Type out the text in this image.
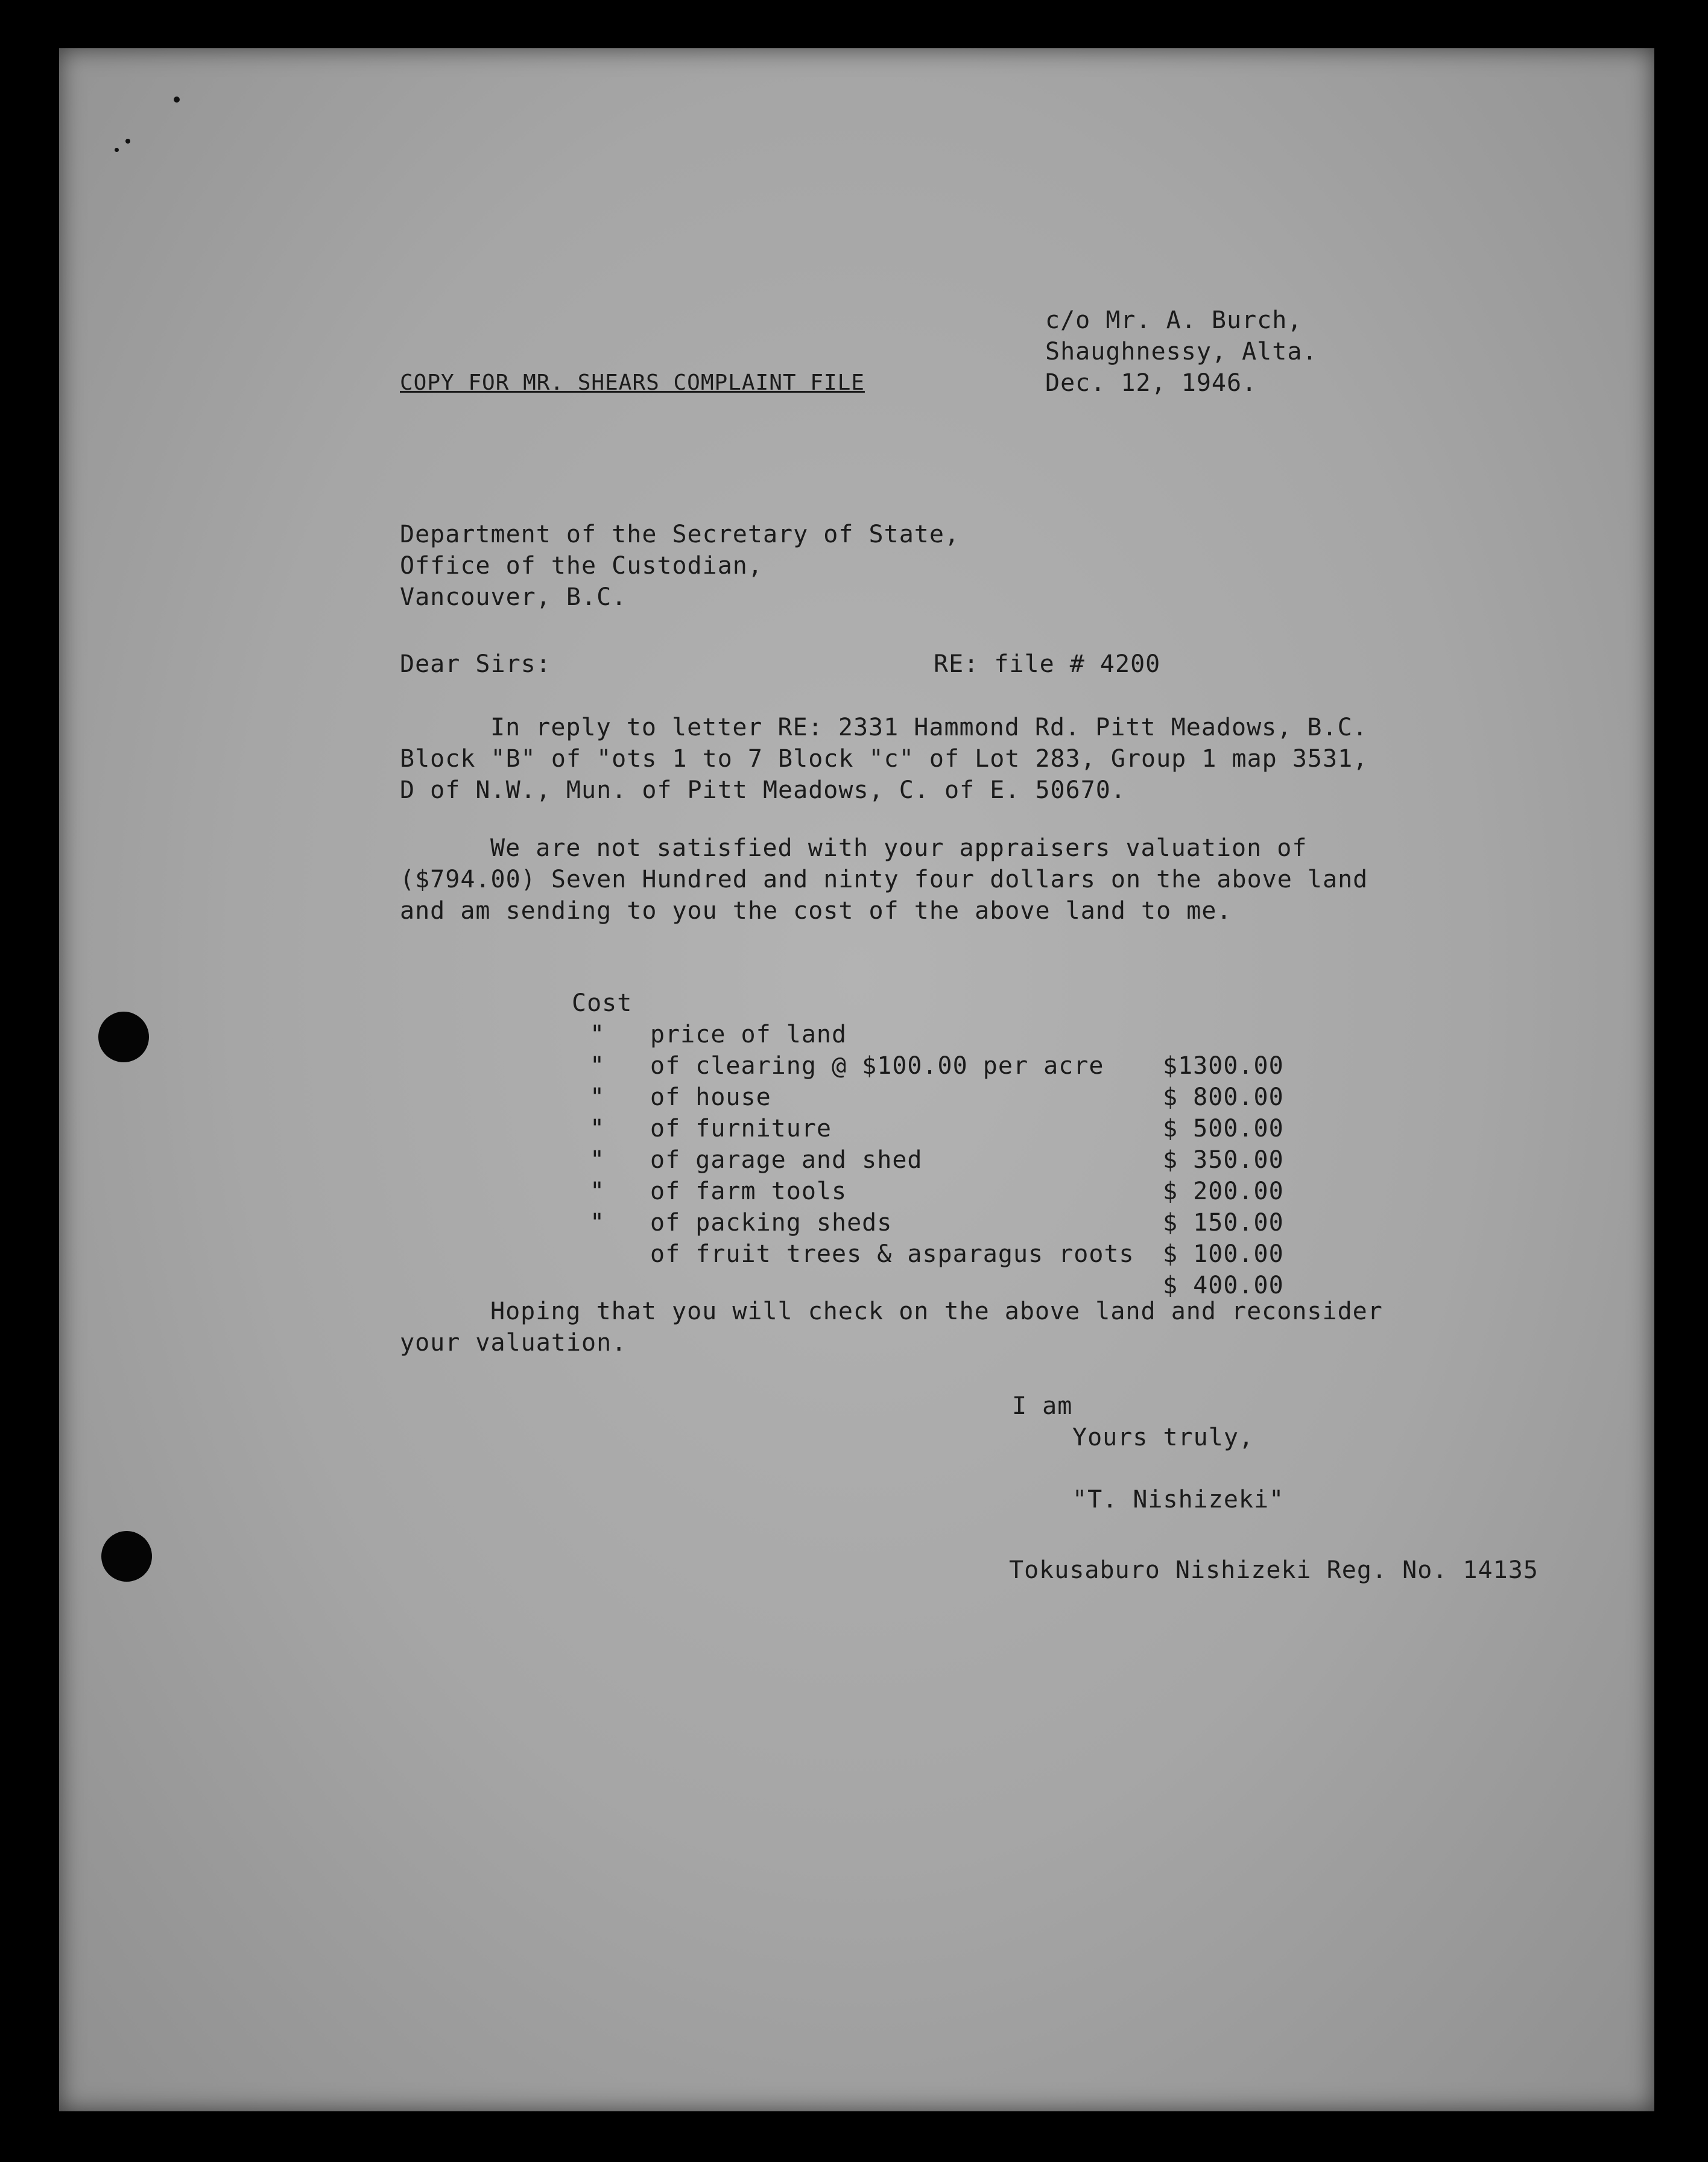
c/o Mr. A. Burch,
Shaughnessy, Alta.
Dec. 12, 1946.
COPY FOR MR. SHEARS COMPLAINT FILE
Department of the Secretary of State,
Office of the Custodian,
Vancouver, B.C.
Dear Sirs:	RE: file # 4200
In reply to letter RE: 2331 Hammond Rd. Pitt Meadows, B.C.
Block "B" of "ots 1 to 7 Block "c" of Lot 283, Group 1 map 3531,
D of N.W., Mun. of Pitt Meadows, C. of E. 50670.
We are not satisfied with your appraisers valuation of
($794.00) Seven Hundred and ninty four dollars on the above land
and am sending to you the cost of the above land to me.

Cost

price of land

$1300.00

"

of clearing @ $100.00 per acre

$ 800.00

"

of house

$ 500.00

"

of furniture

$ 350.00

"

of garage and shed

$ 200.00

"

of farm tools

$ 150.00

"

of packing sheds

$ 100.00

"

of fruit trees & asparagus roots

$ 400.00

Hoping that you will check on the above land and reconsider
your valuation.
I am
Yours truly,
"T. Nishizeki"
Tokusaburo Nishizeki Reg. No. 14135
